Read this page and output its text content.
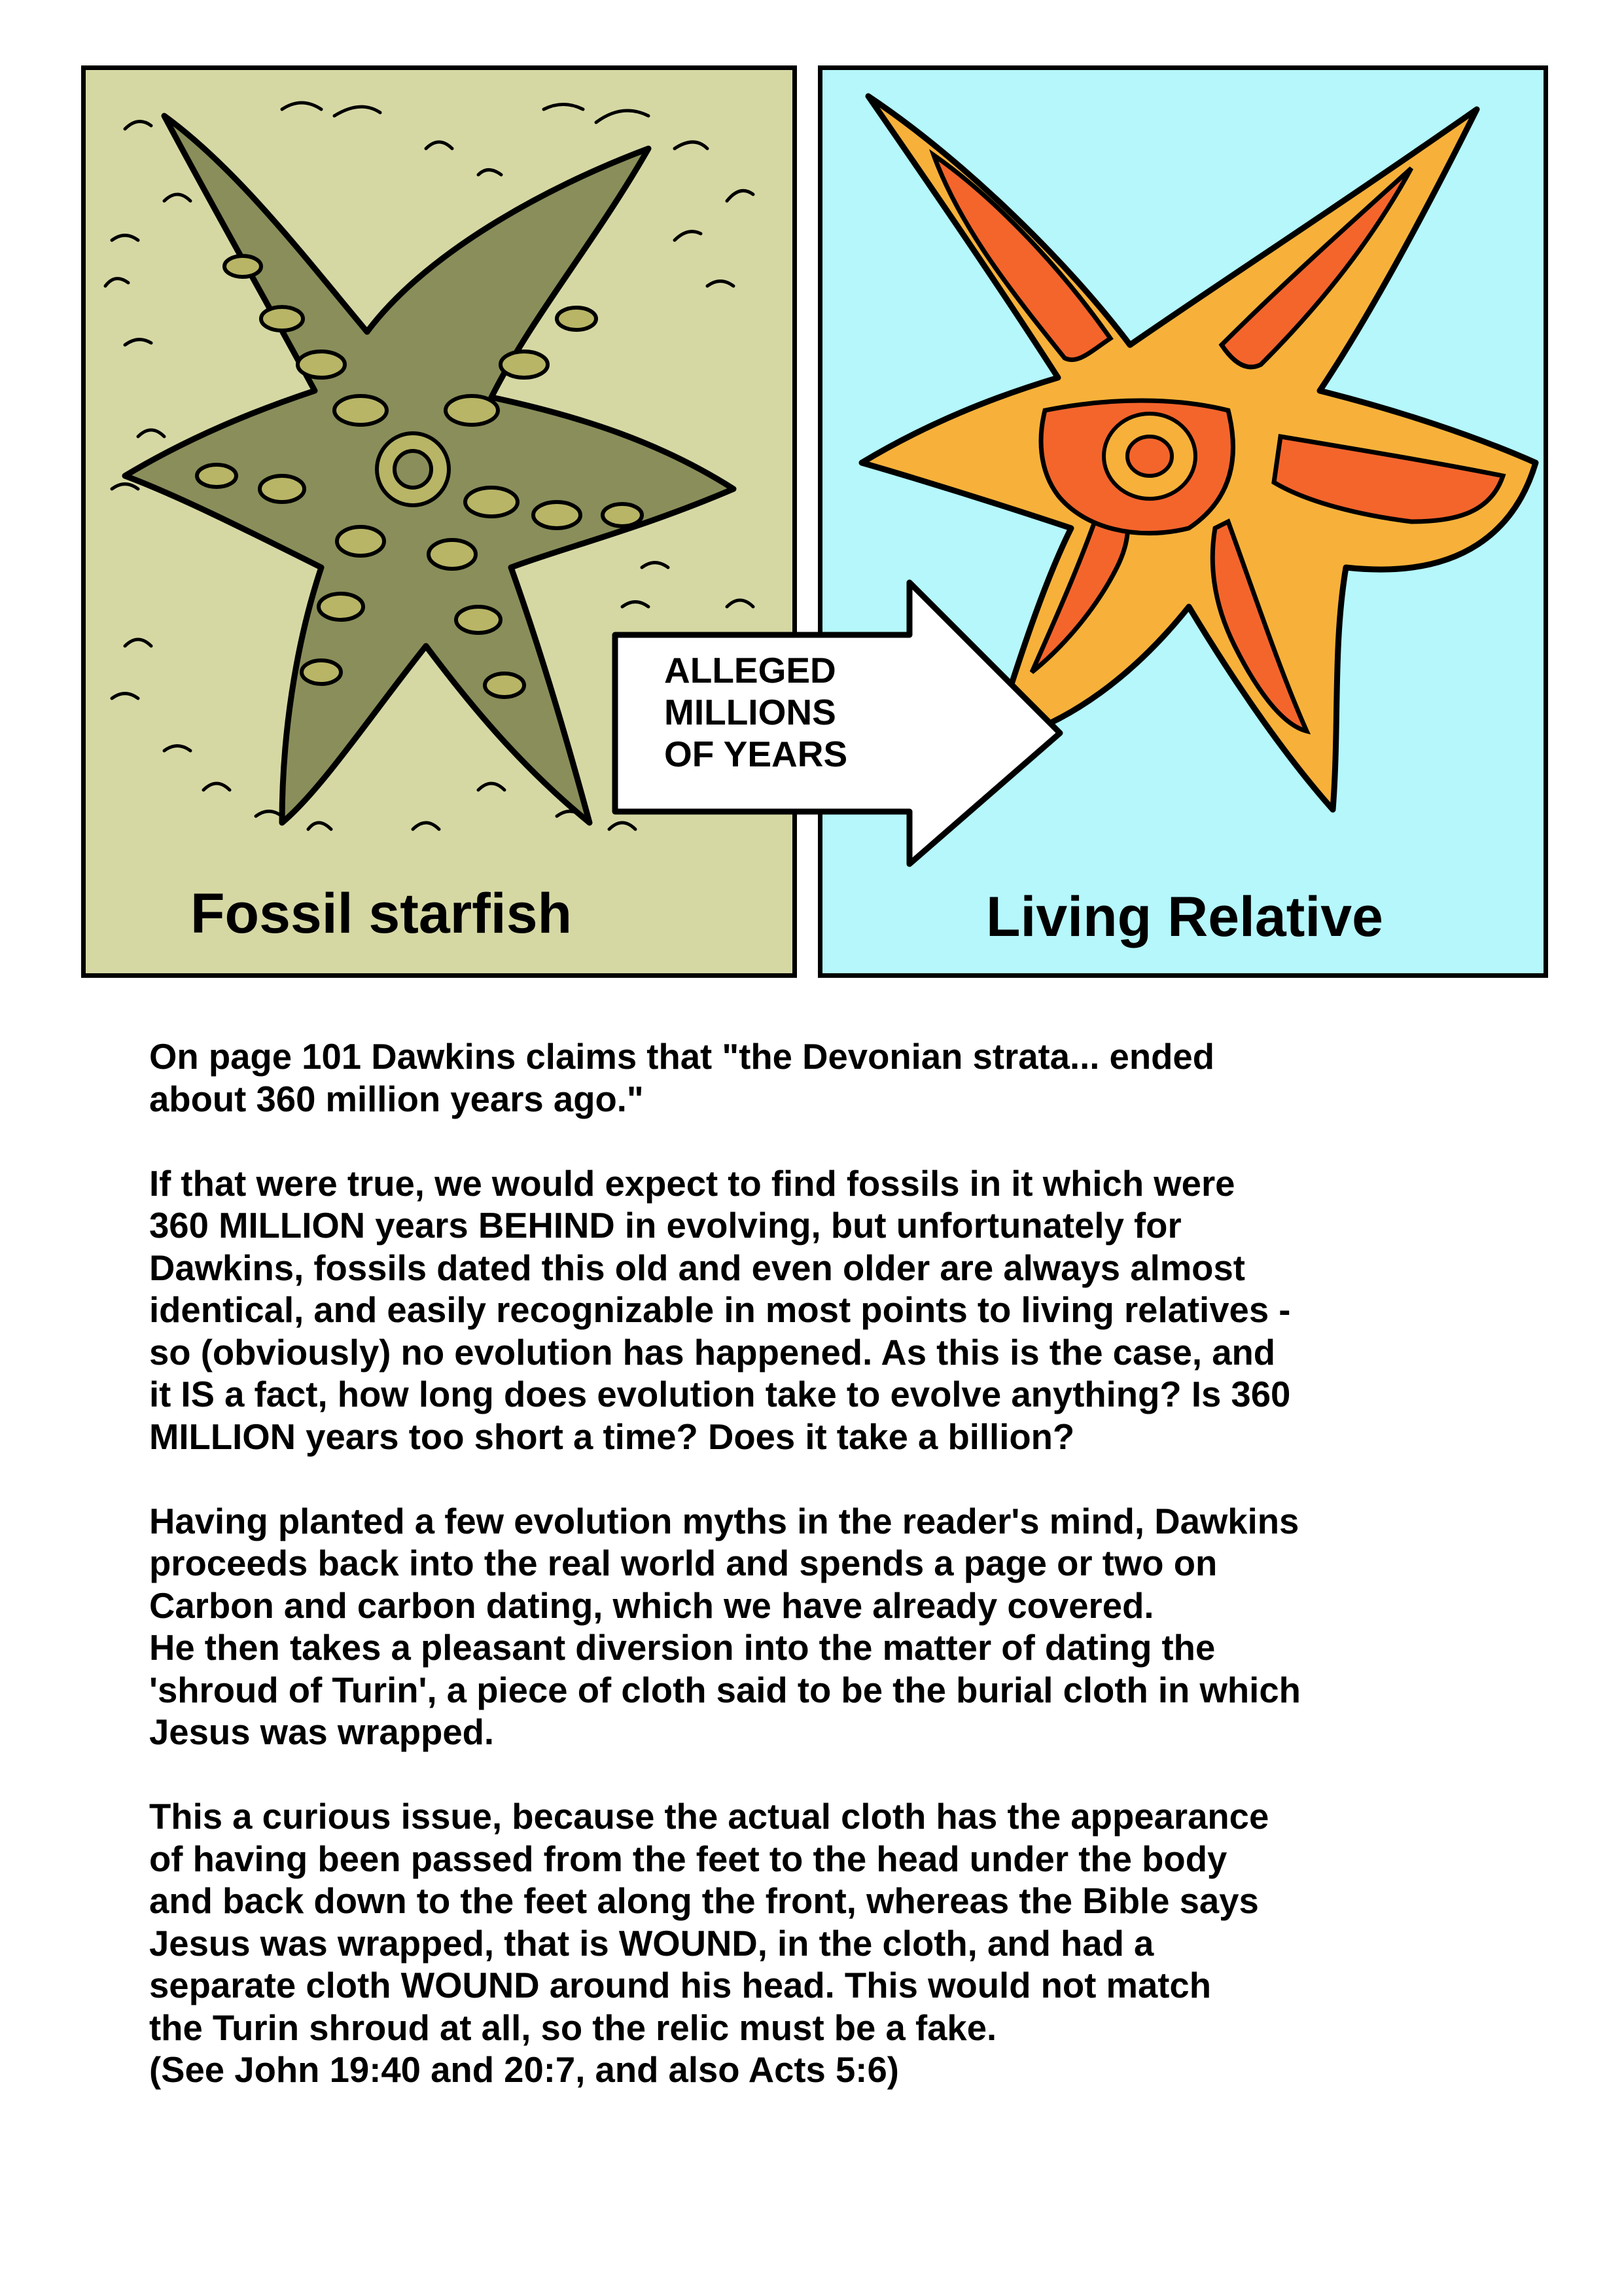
Fossil starfish	Living Relative
ALLEGED
MILLIONS
OF YEARS
On page 101 Dawkins claims that "the Devonian strata... ended
about 360 million years ago."
If that were true, we would expect to find fossils in it which were
360 MILLION years BEHIND in evolving, but unfortunately for
Dawkins, fossils dated this old and even older are always almost
identical, and easily recognizable in most points to living relatives -
so (obviously) no evolution has happened. As this is the case, and
it IS a fact, how long does evolution take to evolve anything? Is 360
MILLION years too short a time? Does it take a billion?
Having planted a few evolution myths in the reader's mind, Dawkins
proceeds back into the real world and spends a page or two on
Carbon and carbon dating, which we have already covered.
He then takes a pleasant diversion into the matter of dating the
'shroud of Turin', a piece of cloth said to be the burial cloth in which
Jesus was wrapped.
This a curious issue, because the actual cloth has the appearance
of having been passed from the feet to the head under the body
and back down to the feet along the front, whereas the Bible says
Jesus was wrapped, that is WOUND, in the cloth, and had a
separate cloth WOUND around his head. This would not match
the Turin shroud at all, so the relic must be a fake.
(See John 19:40 and 20:7, and also Acts 5:6)
